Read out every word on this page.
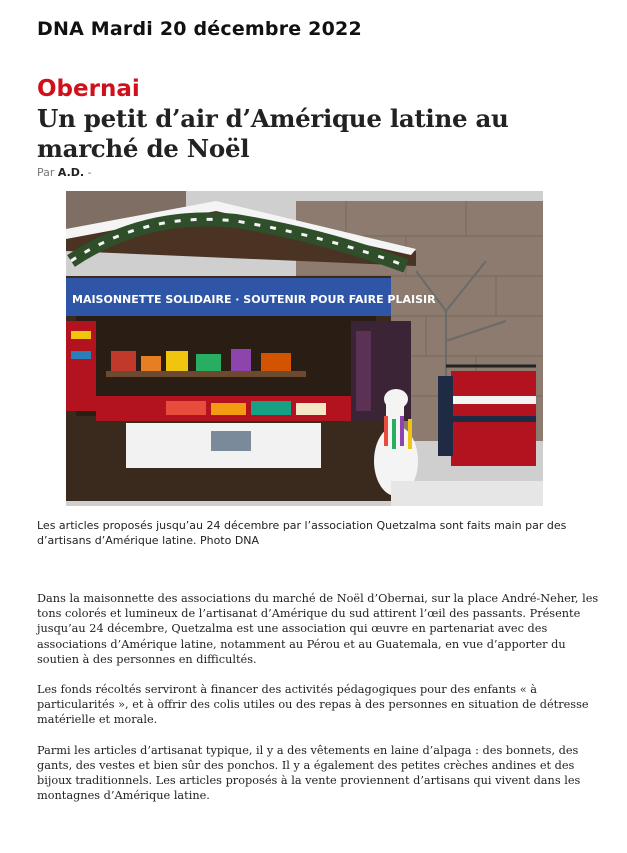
DNA Mardi 20 décembre 2022
Obernai
Un petit d’air d’Amérique latine au marché de Noël
Par A.D. -
MAISONNETTE SOLIDAIRE · SOUTENIR POUR FAIRE PLAISIR
Les articles proposés jusqu’au 24 décembre par l’association Quetzalma sont faits main par des d’artisans d’Amérique latine. Photo DNA

Dans la maisonnette des associations du marché de Noël d’Obernai, sur la place André-Neher, les tons colorés et lumineux de l’artisanat d’Amérique du sud attirent l’œil des passants. Présente jusqu’au 24 décembre, Quetzalma est une association qui œuvre en partenariat avec des associations d’Amérique latine, notamment au Pérou et au Guatemala, en vue d’apporter du soutien à des personnes en difficultés.

Les fonds récoltés serviront à financer des activités pédagogiques pour des enfants « à particularités », et à offrir des colis utiles ou des repas à des personnes en situation de détresse matérielle et morale.

Parmi les articles d’artisanat typique, il y a des vêtements en laine d’alpaga : des bonnets, des gants, des vestes et bien sûr des ponchos. Il y a également des petites crèches andines et des bijoux traditionnels. Les articles proposés à la vente proviennent d’artisans qui vivent dans les montagnes d’Amérique latine.
